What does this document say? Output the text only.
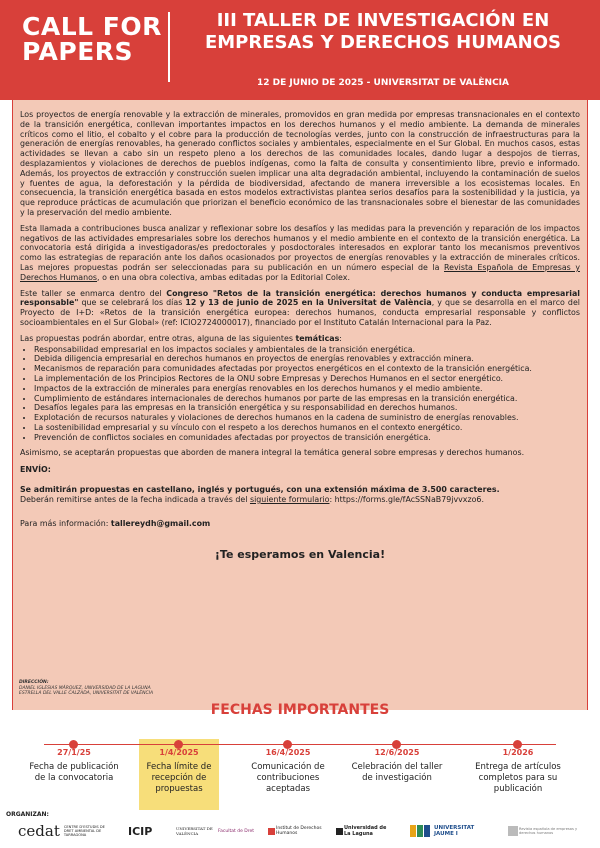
CALL FOR PAPERS
III TALLER DE INVESTIGACIÓN EN EMPRESAS Y DERECHOS HUMANOS
12 DE JUNIO DE 2025 - UNIVERSITAT DE VALÈNCIA

Los proyectos de energía renovable y la extracción de minerales, promovidos en gran medida por empresas transnacionales en el contexto de la transición energética, conllevan importantes impactos en los derechos humanos y el medio ambiente. La demanda de minerales críticos como el litio, el cobalto y el cobre para la producción de tecnologías verdes, junto con la construcción de infraestructuras para la generación de energías renovables, ha generado conflictos sociales y ambientales, especialmente en el Sur Global. En muchos casos, estas actividades se llevan a cabo sin un respeto pleno a los derechos de las comunidades locales, dando lugar a despojos de tierras, desplazamientos y violaciones de derechos de pueblos indígenas, como la falta de consulta y consentimiento libre, previo e informado. Además, los proyectos de extracción y construcción suelen implicar una alta degradación ambiental, incluyendo la contaminación de suelos y fuentes de agua, la deforestación y la pérdida de biodiversidad, afectando de manera irreversible a los ecosistemas locales. En consecuencia, la transición energética basada en estos modelos extractivistas plantea serios desafíos para la sostenibilidad y la justicia, ya que reproduce prácticas de acumulación que priorizan el beneficio económico de las transnacionales sobre el bienestar de las comunidades y la preservación del medio ambiente.

Esta llamada a contribuciones busca analizar y reflexionar sobre los desafíos y las medidas para la prevención y reparación de los impactos negativos de las actividades empresariales sobre los derechos humanos y el medio ambiente en el contexto de la transición energética. La convocatoria está dirigida a investigadoras/es predoctorales y posdoctorales interesados en explorar tanto los mecanismos preventivos como las estrategias de reparación ante los daños ocasionados por proyectos de energías renovables y la extracción de minerales críticos. Las mejores propuestas podrán ser seleccionadas para su publicación en un número especial de la Revista Española de Empresas y Derechos Humanos, o en una obra colectiva, ambas editadas por la Editorial Colex.

Este taller se enmarca dentro del Congreso "Retos de la transición energética: derechos humanos y conducta empresarial responsable" que se celebrará los días 12 y 13 de junio de 2025 en la Universitat de València, y que se desarrolla en el marco del Proyecto de I+D: «Retos de la transición energética europea: derechos humanos, conducta empresarial responsable y conflictos socioambientales en el Sur Global» (ref: ICIO2724000017), financiado por el Instituto Catalán Internacional para la Paz.

Las propuestas podrán abordar, entre otras, alguna de las siguientes temáticas:

• Responsabilidad empresarial en los impactos sociales y ambientales de la transición energética.
• Debida diligencia empresarial en derechos humanos en proyectos de energías renovables y extracción minera.
• Mecanismos de reparación para comunidades afectadas por proyectos energéticos en el contexto de la transición energética.
• La implementación de los Principios Rectores de la ONU sobre Empresas y Derechos Humanos en el sector energético.
• Impactos de la extracción de minerales para energías renovables en los derechos humanos y el medio ambiente.
• Cumplimiento de estándares internacionales de derechos humanos por parte de las empresas en la transición energética.
• Desafíos legales para las empresas en la transición energética y su responsabilidad en derechos humanos.
• Explotación de recursos naturales y violaciones de derechos humanos en la cadena de suministro de energías renovables.
• La sostenibilidad empresarial y su vínculo con el respeto a los derechos humanos en el contexto energético.
• Prevención de conflictos sociales en comunidades afectadas por proyectos de transición energética.

Asimismo, se aceptarán propuestas que aborden de manera integral la temática general sobre empresas y derechos humanos.

ENVÍO:
Se admitirán propuestas en castellano, inglés y portugués, con una extensión máxima de 3.500 caracteres.
Deberán remitirse antes de la fecha indicada a través del siguiente formulario: https://forms.gle/fAcSSNaB79jvvxzo6.
Para más información: tallereydh@gmail.com
¡Te esperamos en Valencia!
DIRECCIÓN:
DANIEL IGLESIAS MÁRQUEZ, UNIVERSIDAD DE LA LAGUNA
ESTRELLA DEL VALLE CALZADA, UNIVERSITAT DE VALÈNCIA
FECHAS IMPORTANTES
27/1/25
Fecha de publicación de la convocatoria
1/4/2025
Fecha límite de recepción de propuestas
16/4/2025
Comunicación de contribuciones aceptadas
12/6/2025
Celebración del taller de investigación
1/2026
Entrega de artículos completos para su publicación
ORGANIZAN:
cedat CENTRE D'ESTUDIS DE DRET AMBIENTAL DE TARRAGONA	ICIP	UNIVERSITAT DE VALÈNCIA	Facultat de Dret
Institut de Derechos Humanos
Universidad de La Laguna
UNIVERSITAT JAUME I
Revista española de empresas y derechos humanos
